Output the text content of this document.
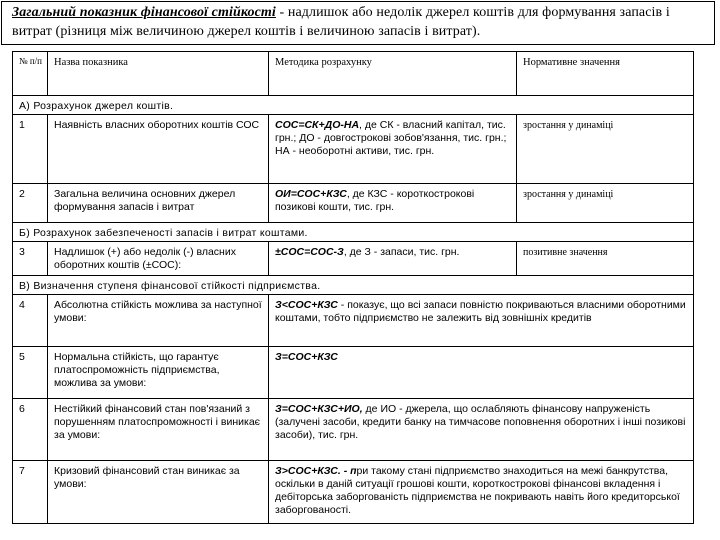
Загальний показник фінансової стійкості - надлишок або недолік джерел коштів для формування запасів і витрат (різниця між величиною джерел коштів і величиною запасів і витрат).
№ п/п	Назва показника	Методика розрахунку	Нормативне значення
А) Розрахунок джерел коштів.			
1	Наявність власних оборотних коштів СОС	СОС=СК+ДО-НА, де СК - власний капітал, тис. грн.; ДО - довгострокові зобов'язання, тис. грн.; НА - необоротні активи, тис. грн.	зростання у динаміці
2	Загальна величина основних джерел формування запасів і витрат	ОИ=СОС+КЗС, де КЗС - короткострокові позикові кошти, тис. грн.	зростання у динаміці
Б) Розрахунок забезпеченості запасів і витрат коштами.			
3	Надлишок (+) або недолік (-) власних оборотних коштів (±СОС):	±СОС=СОС-З, де З - запаси, тис. грн.	позитивне значення
В) Визначення ступеня фінансової стійкості підприємства.			
4	Абсолютна стійкість можлива за наступної умови:	З<СОС+КЗС - показує, що всі запаси повністю покриваються власними оборотними коштами, тобто підприємство не залежить від зовнішніх кредитів	
5	Нормальна стійкість, що гарантує платоспроможність підприємства, можлива за умови:	З=СОС+КЗС	
6	Нестійкий фінансовий стан пов'язаний з порушенням платоспроможності і виникає за умови:	З=СОС+КЗС+ИО, де ИО - джерела, що ослабляють фінансову напруженість (залучені засоби, кредити банку на тимчасове поповнення оборотних і інші позикові засоби), тис. грн.	
7	Кризовий фінансовий стан виникає за умови:	З>СОС+КЗС. - при такому стані підприємство знаходиться на межі банкрутства, оскільки в даній ситуації грошові кошти, короткострокові фінансові вкладення і дебіторська заборгованість підприємства не покривають навіть його кредиторської заборгованості.	
